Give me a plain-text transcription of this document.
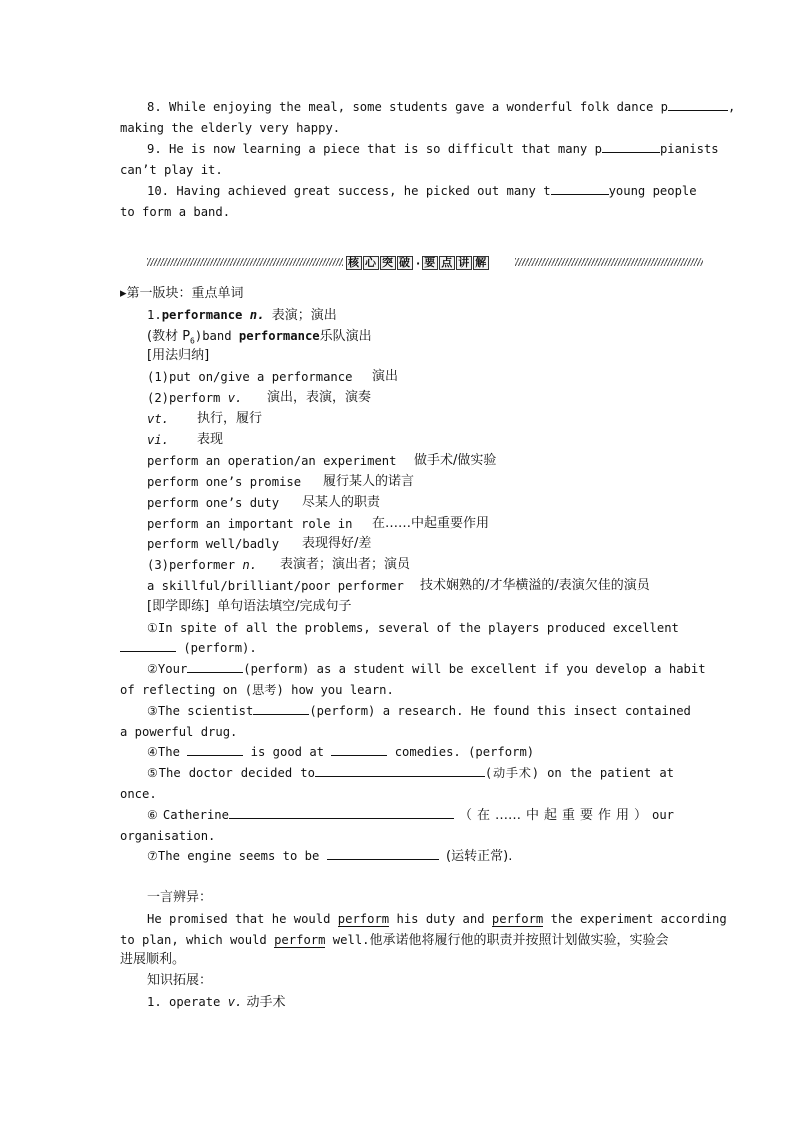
8. While enjoying the meal, some students gave a wonderful folk dance p	,
making the elderly very happy.
9. He is now learning a piece that is so difficult that many p	pianists
can’t play it.
10. Having achieved great success, he picked out many t	young people
to form a band.
核 心 突 破 · 要 点 讲 解
▸第一版块：重点单词
1.performance n. 表演；演出
(教材 $P_6)band$ performance乐队演出
[用法归纳]
(1)put on/give a performance 演出
(2)perform v. 演出，表演，演奏
vt. 执行，履行
vi. 表现
perform an operation/an experiment 做手术/做实验
perform one’s promise 履行某人的诺言
perform one’s duty 尽某人的职责
perform an important role in 在……中起重要作用
perform well/badly 表现得好/差
(3)performer n. 表演者；演出者；演员
a skillful/brilliant/poor performer 技术娴熟的/才华横溢的/表演欠佳的演员
[即学即练] 单句语法填空/完成句子
①In spite of all the problems, several of the players produced excellent
(perform).
②Your	(perform) as a student will be excellent if you develop a habit
of reflecting on (思考) how you learn.
③The scientist	(perform) a research. He found this insect contained
a powerful drug.
④The	is good at	comedies. (perform)
⑤The doctor decided to	(动手术) on the patient at
once.
⑥Catherine	（在……中起重要作用）our
organisation.
⑦The engine seems to be	(运转正常).
一言辨异：
He promised that he would perform his duty and perform the experiment according
to plan, which would perform well.他承诺他将履行他的职责并按照计划做实验，实验会
进展顺利。
知识拓展：
1. operate v. 动手术
